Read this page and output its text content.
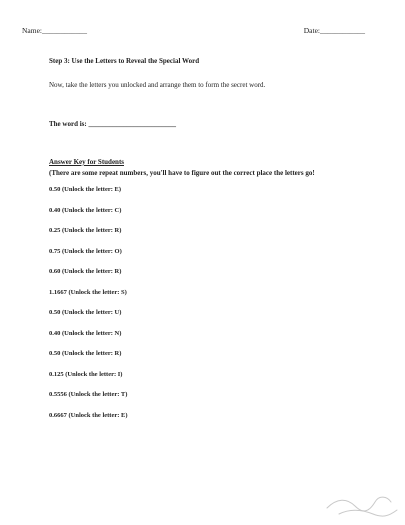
Name:____________	Date:____________
Step 3: Use the Letters to Reveal the Special Word
Now, take the letters you unlocked and arrange them to form the secret word.
The word is: _________________________
Answer Key for Students
(There are some repeat numbers, you'll have to figure out the correct place the letters go!
0.50 (Unlock the letter: E)
0.40 (Unlock the letter: C)
0.25 (Unlock the letter: R)
0.75 (Unlock the letter: O)
0.60 (Unlock the letter: R)
1.1667 (Unlock the letter: S)
0.50 (Unlock the letter: U)
0.40 (Unlock the letter: N)
0.50 (Unlock the letter: R)
0.125 (Unlock the letter: I)
0.5556 (Unlock the letter: T)
0.6667 (Unlock the letter: E)
